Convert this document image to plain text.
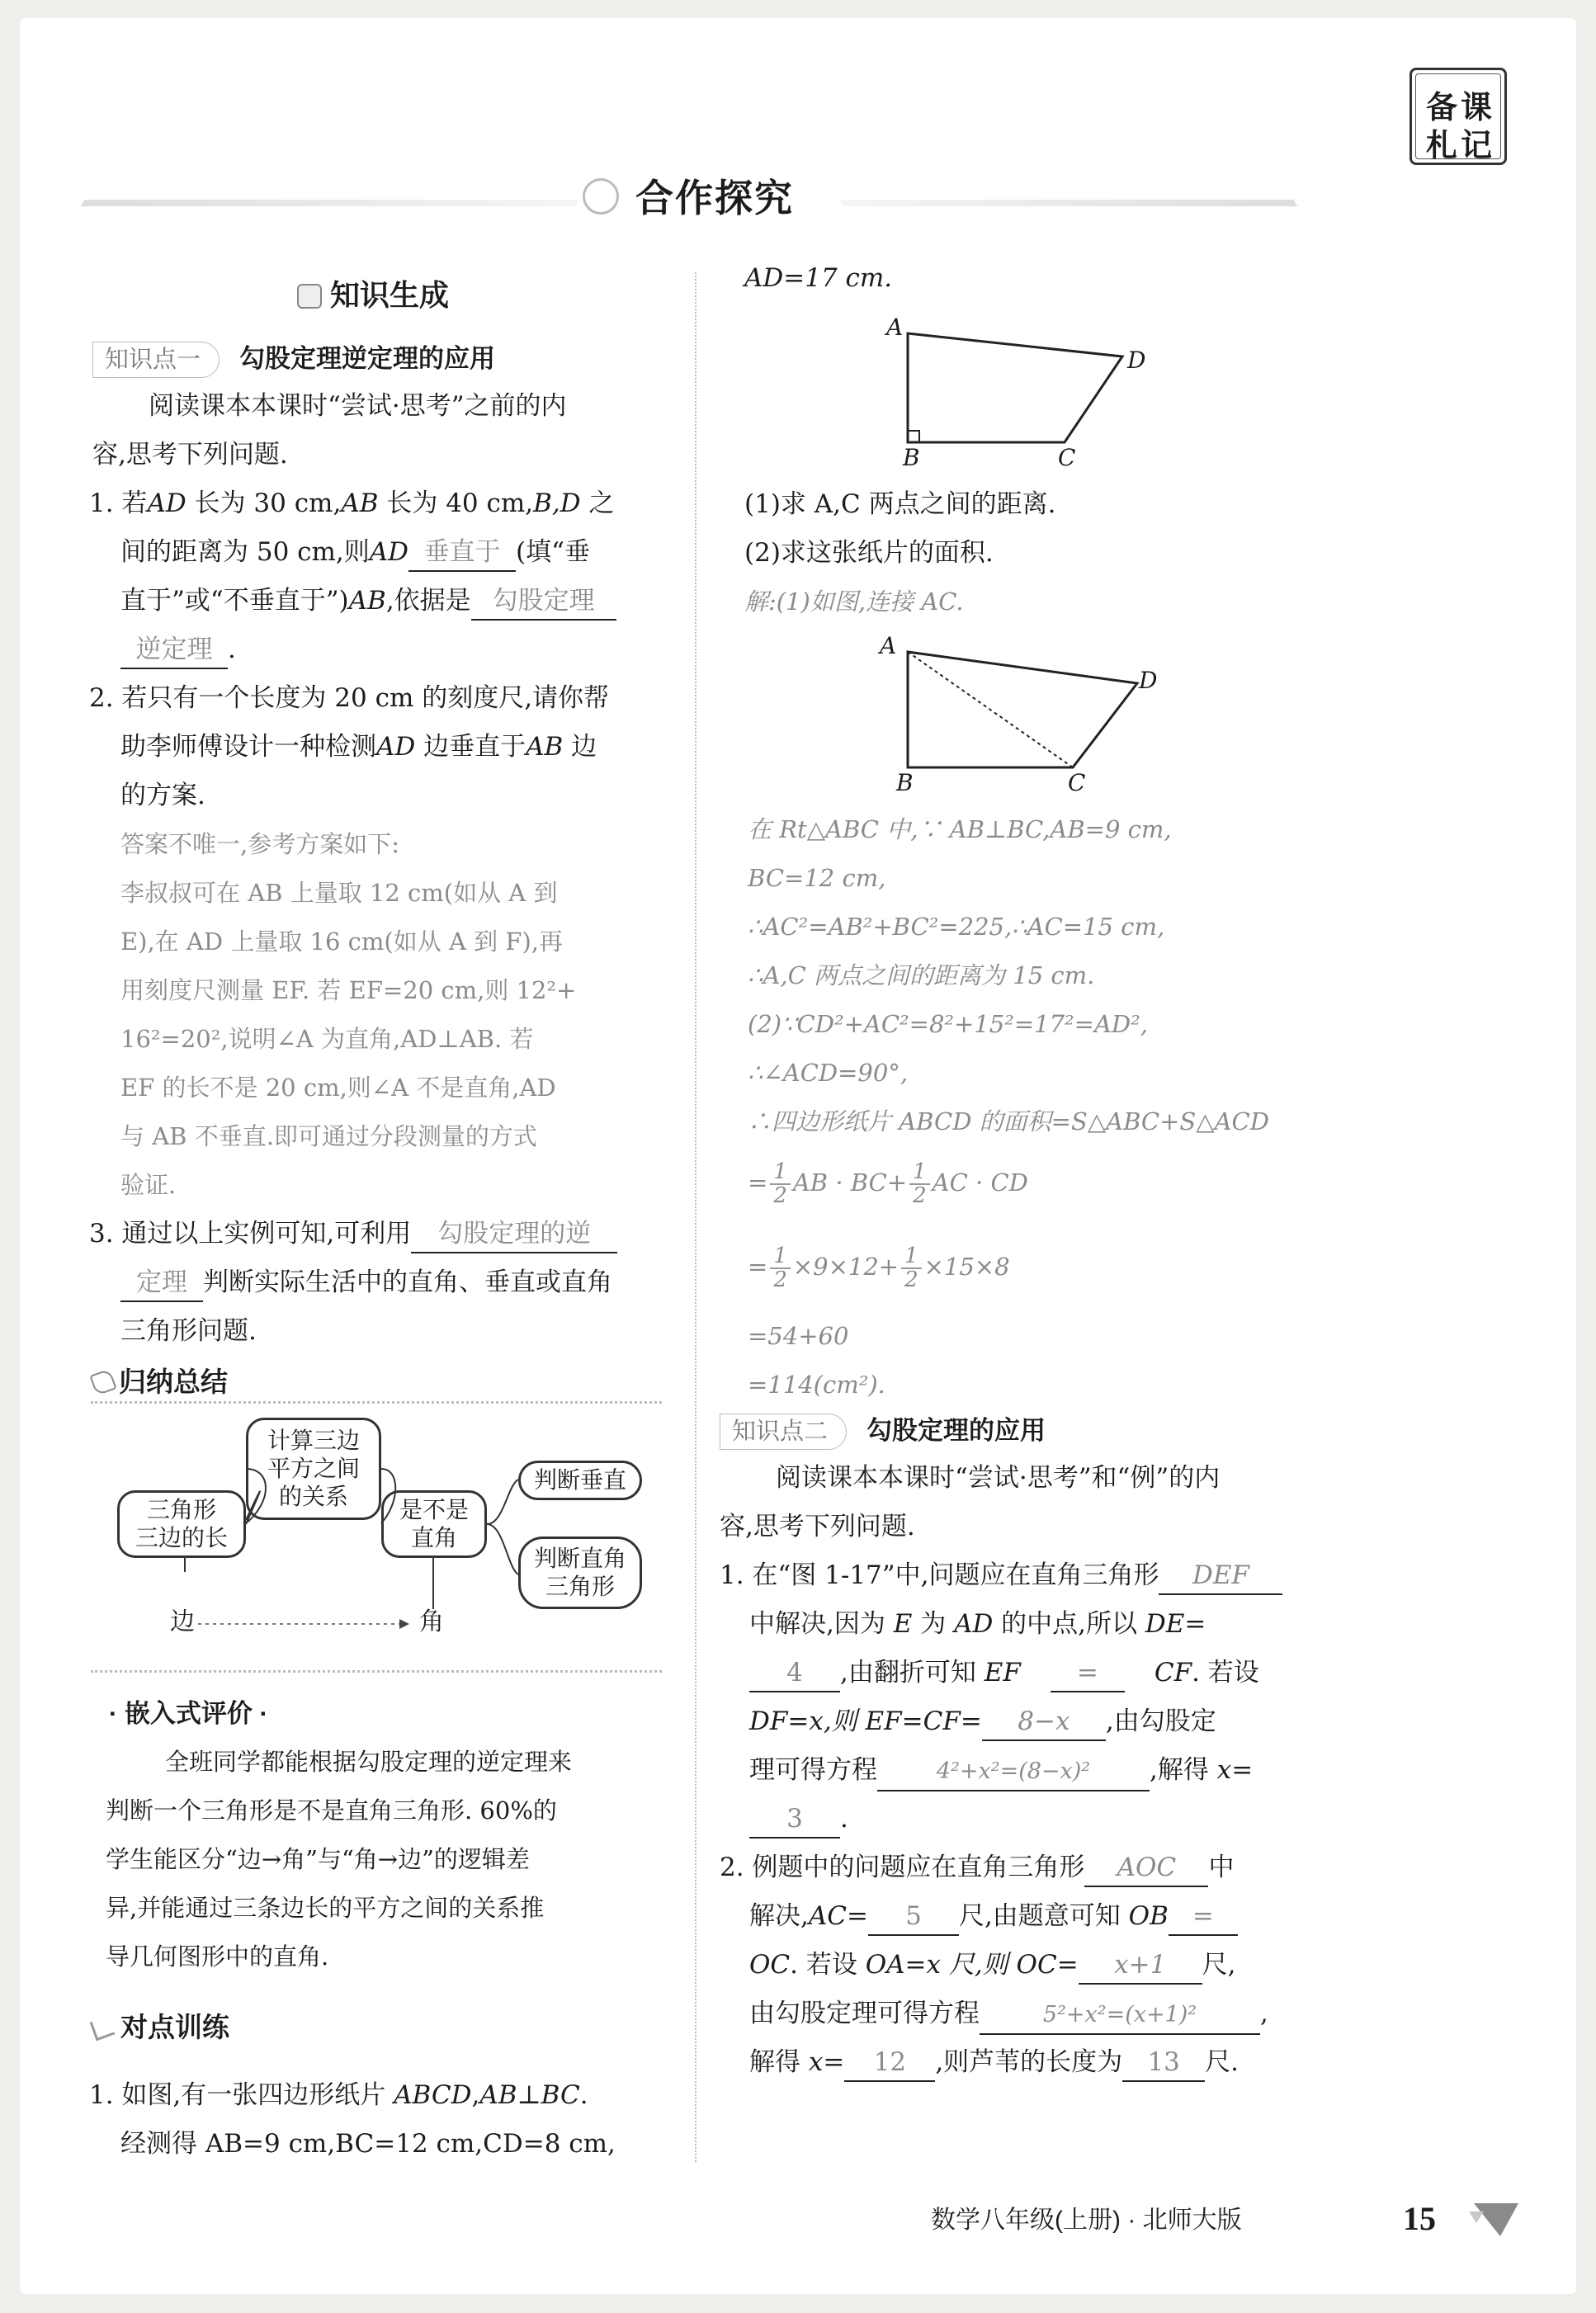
备课
札记
合作探究
知识生成
知识点一 勾股定理逆定理的应用
阅读课本本课时“尝试·思考”之前的内
容,思考下列问题.
1. 若AD 长为 30 cm,AB 长为 40 cm,B,D 之
间的距离为 50 cm,则AD 垂直于 (填“垂
直于”或“不垂直于”)AB,依据是 勾股定理
逆定理 .
2. 若只有一个长度为 20 cm 的刻度尺,请你帮
助李师傅设计一种检测AD 边垂直于AB 边
的方案.
答案不唯一,参考方案如下:
李叔叔可在 AB 上量取 12 cm(如从 A 到
E),在 AD 上量取 16 cm(如从 A 到 F),再
用刻度尺测量 EF. 若 EF=20 cm,则 12²+
16²=20²,说明∠A 为直角,AD⊥AB. 若
EF 的长不是 20 cm,则∠A 不是直角,AD
与 AB 不垂直.即可通过分段测量的方式
验证.
3. 通过以上实例可知,可利用 勾股定理的逆
定理 判断实际生活中的直角、垂直或直角
三角形问题.
归纳总结
三角形
三边的长
计算三边
平方之间
的关系
是不是
直角
判断垂直
判断直角
三角形
边	角
· 嵌入式评价 ·
全班同学都能根据勾股定理的逆定理来
判断一个三角形是不是直角三角形. 60%的
学生能区分“边→角”与“角→边”的逻辑差
异,并能通过三条边长的平方之间的关系推
导几何图形中的直角.
对点训练
1. 如图,有一张四边形纸片 ABCD,AB⊥BC.
经测得 AB=9 cm,BC=12 cm,CD=8 cm,
AD=17 cm.
A
D
B	C
(1)求 A,C 两点之间的距离.
(2)求这张纸片的面积.
解:(1)如图,连接 AC.
A
D
B	C
在 Rt△ABC 中,∵ AB⊥BC,AB=9 cm,
BC=12 cm,
∴AC²=AB²+BC²=225,∴AC=15 cm,
∴A,C 两点之间的距离为 15 cm.
(2)∵CD²+AC²=8²+15²=17²=AD²,
∴∠ACD=90°,
∴四边形纸片 ABCD 的面积=S△ABC+S△ACD
= $\frac{1}{2}$ AB · $BC+ \frac{1}{2}$ AC · CD
= $\frac{1}{2} \times 9\times 12+ \frac{1}{2} \times 15\times 8$
=54+60
=114(cm²).
知识点二 勾股定理的应用
阅读课本本课时“尝试·思考”和“例”的内
容,思考下列问题.
1. 在“图 1-17”中,问题应在直角三角形 DEF
中解决,因为 E 为 AD 的中点,所以 DE=
4 ,由翻折可知 EF = CF. 若设
DF=x,则 EF=CF= 8−x ,由勾股定
理可得方程	4²+x²=(8−x)² ,解得 x=
3 .
2. 例题中的问题应在直角三角形 AOC 中
解决,AC= 5 尺,由题意可知 OB =
OC. 若设 OA=x 尺,则 OC= x+1 尺,
由勾股定理可得方程	5²+x²=(x+1)² ,
解得 x= 12 ,则芦苇的长度为 13 尺.
数学八年级(上册) · 北师大版	15
